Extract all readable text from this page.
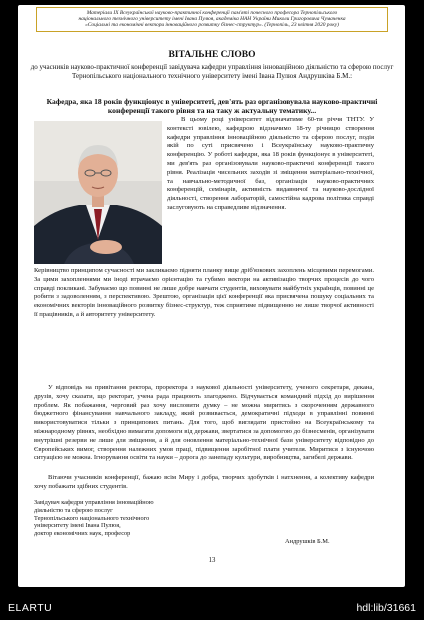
Матеріали IX Всеукраїнської науково-практичної конференції пам'яті почесного професора Тернопільського
національного технічного університету імені Івана Пулюя, академіка НАН України Миколи Григоровича Чумаченка
«Соціальні та економічні вектори інноваційного розвитку бізнес-структур». (Тернопіль, 23 квітня 2020 року)
ВІТАЛЬНЕ СЛОВО
до учасників науково-практичної конференції завідувача кафедри управління інноваційною діяльністю та сферою послуг Тернопільського національного технічного університету імені Івана Пулюя Андрушківа Б.М.:
Кафедра, яка 18 років функціонує в університеті, дев'ять раз організовувала науково-практичні конференції такого рівня та на таку ж актуальну тематику...

В цьому році університет відзначатиме 60-ти річчя ТНТУ. У контексті ювілею, кафедрою відзначимо 18-ту річницю створення кафедри управління інноваційною діяльністю та сферою послуг, подія якій по суті присвячено і Всеукраїнську науково-практичну конференцію. У роботі кафедри, яка 18 років функціонує в університеті, ми дев'ять раз організовували науково-практичні конференції такого рівня. Реалізація чисельних заходів зі зміщення матеріально-технічної, та навчально-методичної баз, організація науково-практичних конференцій, семінарів, активність видавничої та науково-дослідної діяльності, створення лабораторій, самостійна кадрова політика справді заслуговують на справедливе відзначення.

Керівництво принципом сучасності ми закликаємо підняти планку вище дріб'язкових захоплень місцевими перемогами. За цими захопленнями ми іноді втрачаємо орієнтацію та губимо вектори на активізацію творчих процесів до чого справді покликані. Забуваємо що повинні не лише добре навчати студентів, виховувати майбутніх українців, повинні це робити з задоволенням, з перспективою. Зрештою, організація цієї конференції яка присвячена пошуку соціальних та економічних векторів інноваційного розвитку бізнес-структур, теж сприятиме підвищенню не лише творчої активності її працівників, а й авторитету університету.

У відповідь на привітання ректора, проректора з наукової діяльності університету, ученого секретаря, декана, друзів, хочу сказати, що ректорат, учена рада працюють злагоджено. Відчувається командний підхід до вирішення проблем. Як побажання, черговий раз хочу висловити думку – не можна миритись з скороченням державного бюджетного фінансування навчального закладу, який розвивається, демократичні підходи в управлінні повинні використовуватися тільки з принципових питань. Для того, щоб виглядати пристойно на Всеукраїнському та міжнародному рівнях, необхідно вимагати допомоги від держави, звертатися за допомогою до бізнесменів, організувати внутрішні резерви не лише для зміщення, а й для оновлення матеріально-технічної бази університету відповідно до Європейських вимог, створення належних умов праці, підвищення заробітної плати учителя. Миритися з існуючою ситуацією не можна. Ігнорування освіти та науки – дорога до занепаду культури, виробництва, загибелі держави.

Вітаючи учасників конференції, бажаю всім Миру і добра, творчих здобутків і натхнення, а колективу кафедри хочу побажати здібних студентів.

Завідувач кафедри управління інноваційною
діяльністю та сферою послуг
Тернопільського національного технічного
університету імені Івана Пулюя,
доктор економічних наук, професор
Андрушків Б.М.
13
ELARTU	hdl:lib/31661
